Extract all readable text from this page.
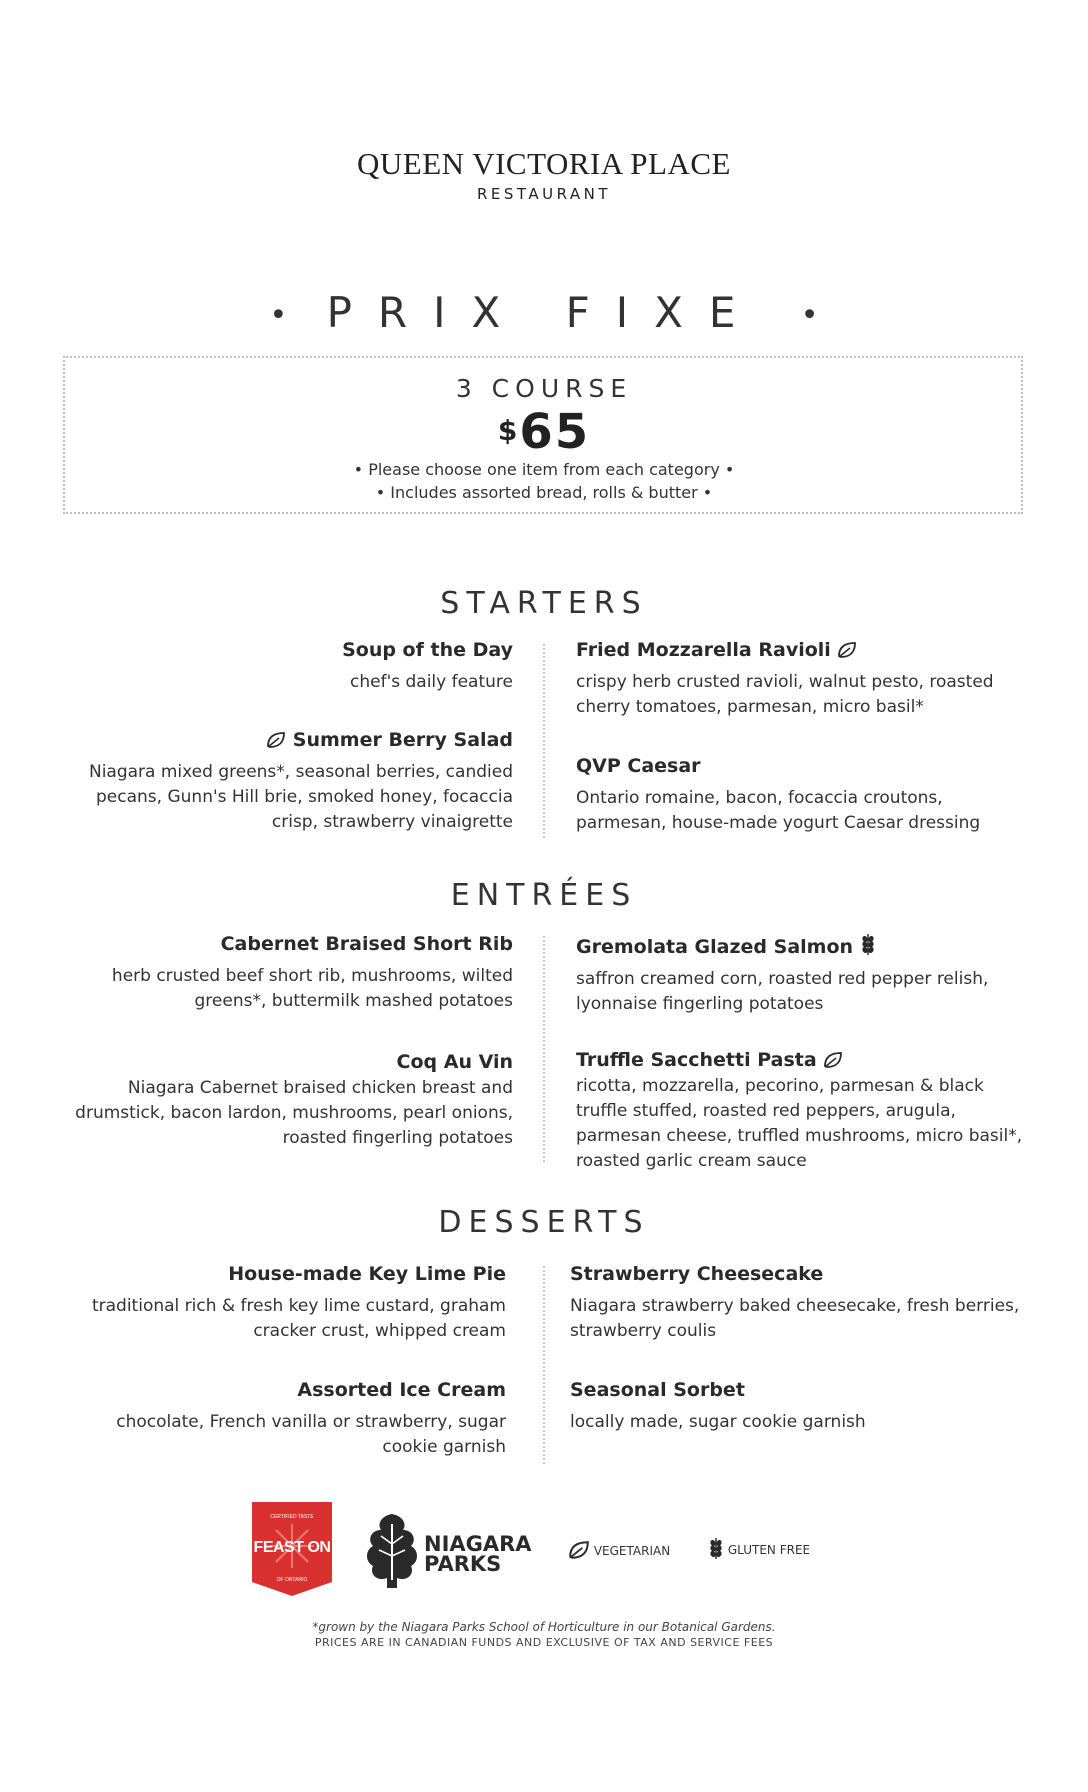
QUEEN VICTORIA PLACE
RESTAURANT
• PRIX FIXE •
3 COURSE
$65
• Please choose one item from each category •
• Includes assorted bread, rolls & butter •
STARTERS
Soup of the Day
chef's daily feature
Summer Berry Salad
Niagara mixed greens*, seasonal berries, candied pecans, Gunn's Hill brie, smoked honey, focaccia crisp, strawberry vinaigrette
Fried Mozzarella Ravioli
crispy herb crusted ravioli, walnut pesto, roasted cherry tomatoes, parmesan, micro basil*
QVP Caesar
Ontario romaine, bacon, focaccia croutons, parmesan, house-made yogurt Caesar dressing
ENTRÉES
Cabernet Braised Short Rib
herb crusted beef short rib, mushrooms, wilted greens*, buttermilk mashed potatoes
Coq Au Vin
Niagara Cabernet braised chicken breast and drumstick, bacon lardon, mushrooms, pearl onions, roasted fingerling potatoes
Gremolata Glazed Salmon
saffron creamed corn, roasted red pepper relish, lyonnaise fingerling potatoes
Truffle Sacchetti Pasta
ricotta, mozzarella, pecorino, parmesan & black truffle stuffed, roasted red peppers, arugula, parmesan cheese, truffled mushrooms, micro basil*, roasted garlic cream sauce
DESSERTS
House-made Key Lime Pie
traditional rich & fresh key lime custard, graham cracker crust, whipped cream
Assorted Ice Cream
chocolate, French vanilla or strawberry, sugar cookie garnish
Strawberry Cheesecake
Niagara strawberry baked cheesecake, fresh berries, strawberry coulis
Seasonal Sorbet
locally made, sugar cookie garnish
CERTIFIED TASTE
FEAST ON
OF ONTARIO
NIAGARA
PARKS
VEGETARIAN	GLUTEN FREE
*grown by the Niagara Parks School of Horticulture in our Botanical Gardens.
PRICES ARE IN CANADIAN FUNDS AND EXCLUSIVE OF TAX AND SERVICE FEES
